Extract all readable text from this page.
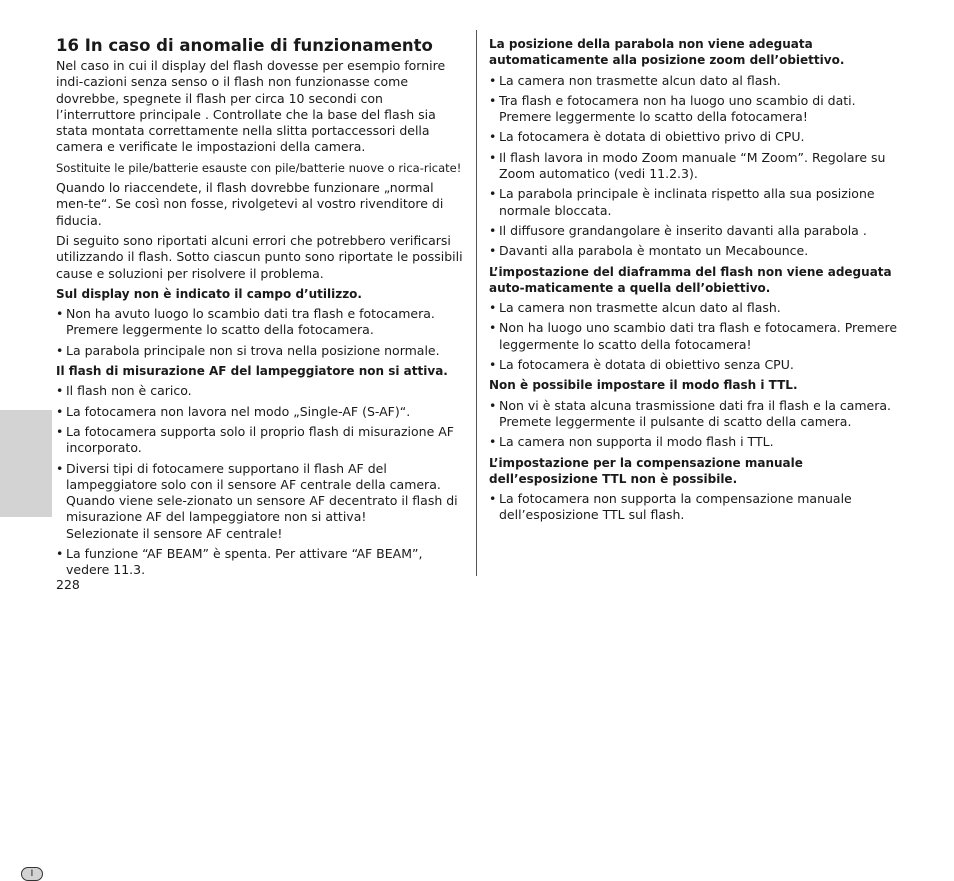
I
16 In caso di anomalie di funzionamento

Nel caso in cui il display del flash dovesse per esempio fornire indi-cazioni senza senso o il flash non funzionasse come dovrebbe, spegnete il flash per circa 10 secondi con l’interruttore principale . Controllate che la base del flash sia stata montata correttamente nella slitta portaccessori della camera e verificate le impostazioni della camera.

Sostituite le pile/batterie esauste con pile/batterie nuove o rica-ricate!

Quando lo riaccendete, il flash dovrebbe funzionare „normal men-te“. Se così non fosse, rivolgetevi al vostro rivenditore di fiducia.

Di seguito sono riportati alcuni errori che potrebbero verificarsi utilizzando il flash. Sotto ciascun punto sono riportate le possibili cause e soluzioni per risolvere il problema.

Sul display non è indicato il campo d’utilizzo.
• Non ha avuto luogo lo scambio dati tra flash e fotocamera. Premere leggermente lo scatto della fotocamera.
• La parabola principale non si trova nella posizione normale.
Il flash di misurazione AF del lampeggiatore non si attiva.
• Il flash non è carico.
• La fotocamera non lavora nel modo „Single-AF (S-AF)“.
• La fotocamera supporta solo il proprio flash di misurazione AF incorporato.
• Diversi tipi di fotocamere supportano il flash AF del lampeggiatore solo con il sensore AF centrale della camera. Quando viene sele-zionato un sensore AF decentrato il flash di misurazione AF del lampeggiatore non si attiva!
Selezionate il sensore AF centrale!
• La funzione “AF BEAM” è spenta. Per attivare “AF BEAM”, vedere 11.3.
228
La posizione della parabola non viene adeguata automaticamente alla posizione zoom dell’obiettivo.
• La camera non trasmette alcun dato al flash.
• Tra flash e fotocamera non ha luogo uno scambio di dati. Premere leggermente lo scatto della fotocamera!
• La fotocamera è dotata di obiettivo privo di CPU.
• Il flash lavora in modo Zoom manuale “M Zoom”. Regolare su Zoom automatico (vedi 11.2.3).
• La parabola principale è inclinata rispetto alla sua posizione normale bloccata.
• Il diffusore grandangolare è inserito davanti alla parabola .
• Davanti alla parabola è montato un Mecabounce.
L’impostazione del diaframma del flash non viene adeguata auto-maticamente a quella dell’obiettivo.
• La camera non trasmette alcun dato al flash.
• Non ha luogo uno scambio dati tra flash e fotocamera. Premere leggermente lo scatto della fotocamera!
• La fotocamera è dotata di obiettivo senza CPU.
Non è possibile impostare il modo flash i TTL.
• Non vi è stata alcuna trasmissione dati fra il flash e la camera. Premete leggermente il pulsante di scatto della camera.
• La camera non supporta il modo flash i TTL.
L’impostazione per la compensazione manuale dell’esposizione TTL non è possibile.
• La fotocamera non supporta la compensazione manuale dell’esposizione TTL sul flash.
